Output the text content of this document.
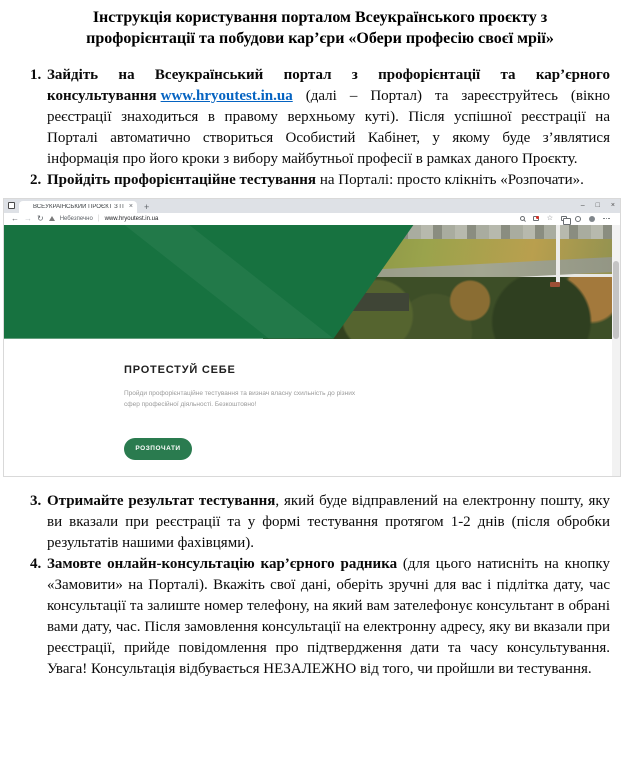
Інструкція користування порталом Всеукраїнського проєкту з профорієнтації та побудови кар’єри «Обери професію своєї мрії»
1. Зайдіть на Всеукраїнський портал з профорієнтації та кар’єрного консультування www.hryoutest.in.ua (далі – Портал) та зареєструйтесь (вікно реєстрації знаходиться в правому верхньому куті). Після успішної реєстрації на Порталі автоматично створиться Особистий Кабінет, у якому буде з’являтися інформація про його кроки з вибору майбутньої професії в рамках даного Проєкту.
2. Пройдіть профорієнтаційне тестування на Порталі: просто клікніть «Розпочати».
ВСЕУКРАЇНСЬКИЙ ПРОЄКТ З П × +	– □ ×
← → ↻	Небезпечно | www.hryoutest.in.ua	☆
ПРОТЕСТУЙ СЕБЕ
Пройди профорієнтаційне тестування та визнач власну схильність до різних сфер професійної діяльності. Безкоштовно!
РОЗПОЧАТИ
3. Отримайте результат тестування, який буде відправлений на електронну пошту, яку ви вказали при реєстрації та у формі тестування протягом 1-2 днів (після обробки результатів нашими фахівцями).
4. Замовте онлайн-консультацію кар’єрного радника (для цього натисніть на кнопку «Замовити» на Порталі). Вкажіть свої дані, оберіть зручні для вас і підлітка дату, час консультації та залиште номер телефону, на який вам зателефонує консультант в обрані вами дату, час. Після замовлення консультації на електронну адресу, яку ви вказали при реєстрації, прийде повідомлення про підтвердження дати та часу консультування. Увага! Консультація відбувається НЕЗАЛЕЖНО від того, чи пройшли ви тестування.
